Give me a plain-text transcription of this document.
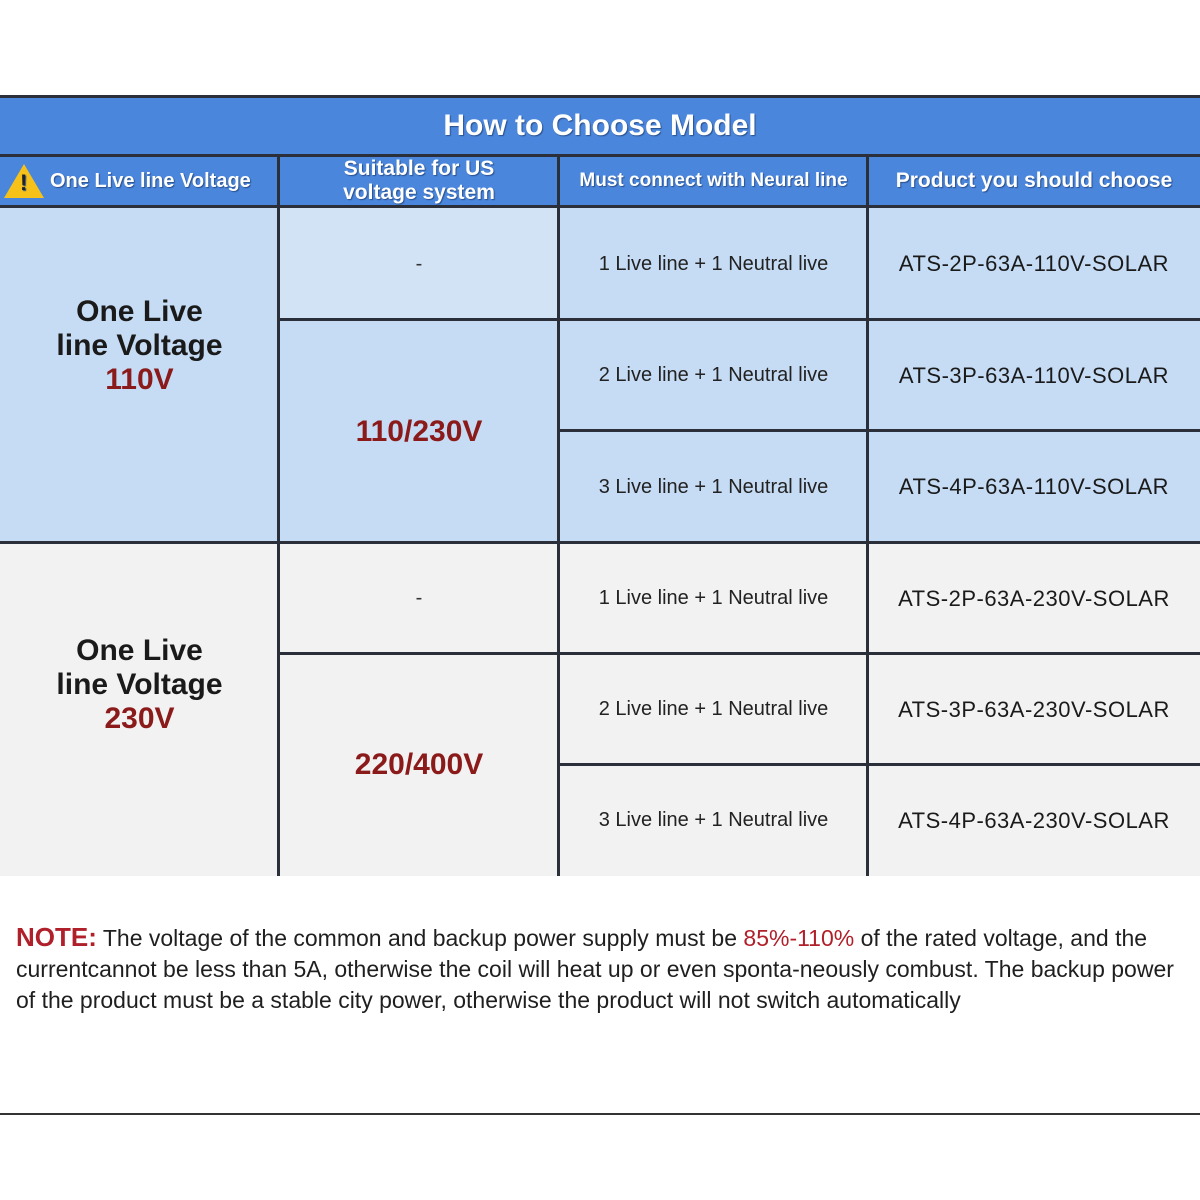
How to Choose Model
!
One Live line Voltage
Suitable for US voltage system
Must connect with Neural line Product you should choose
One Live
line Voltage
110V
-
110/230V
1 Live line + 1 Neutral live
2 Live line + 1 Neutral live
3 Live line + 1 Neutral live
ATS-2P-63A-110V-SOLAR
ATS-3P-63A-110V-SOLAR
ATS-4P-63A-110V-SOLAR
One Live
line Voltage
230V
-
220/400V
1 Live line + 1 Neutral live
2 Live line + 1 Neutral live
3 Live line + 1 Neutral live
ATS-2P-63A-230V-SOLAR
ATS-3P-63A-230V-SOLAR
ATS-4P-63A-230V-SOLAR
NOTE: The voltage of the common and backup power supply must be 85%-110% of the rated voltage, and the currentcannot be less than 5A, otherwise the coil will heat up or even sponta-neously combust. The backup power of the product must be a stable city power, otherwise the product will not switch automatically
